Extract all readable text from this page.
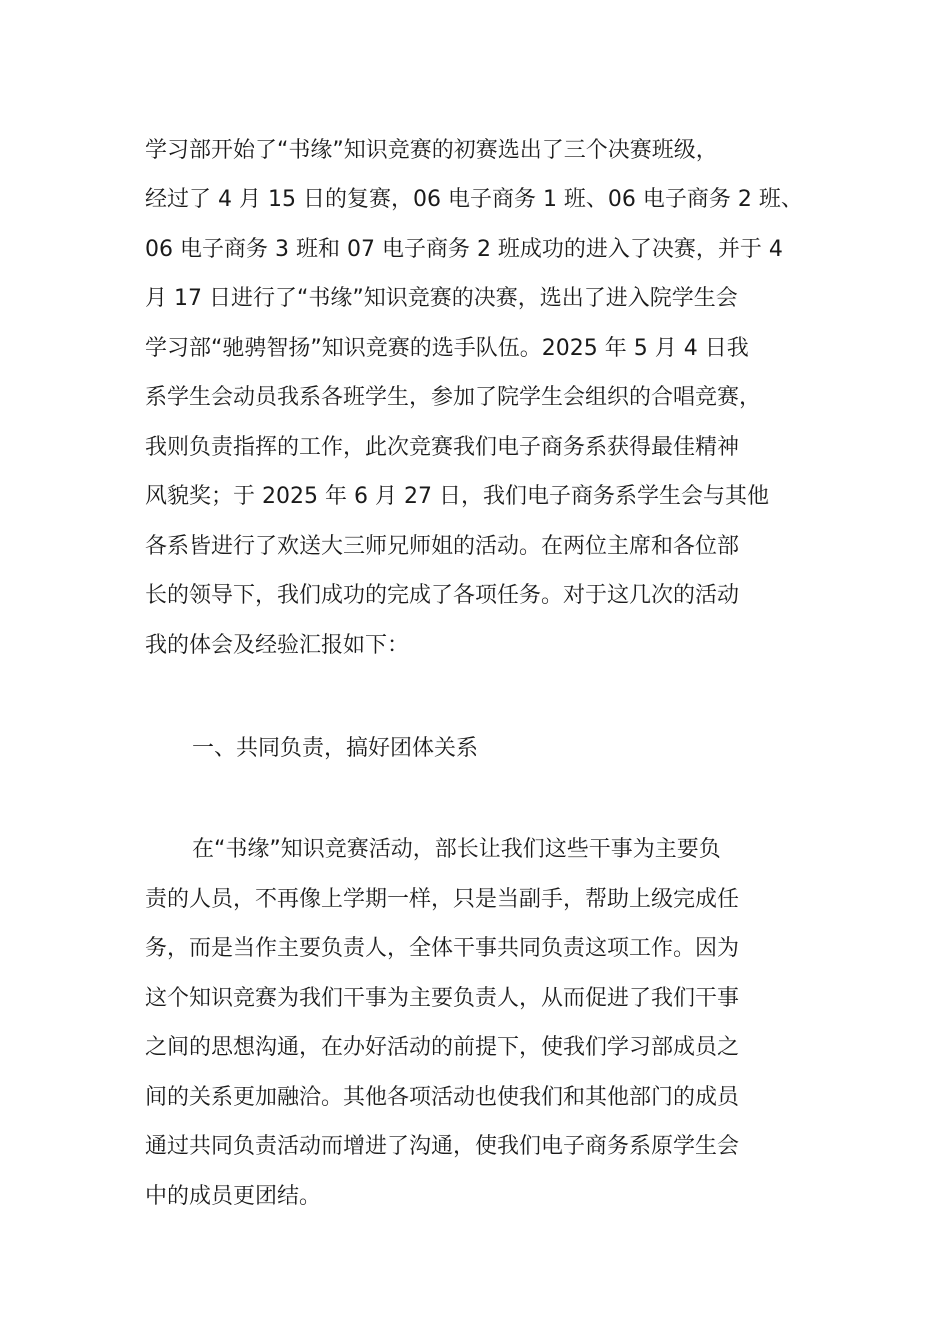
学习部开始了“书缘”知识竞赛的初赛选出了三个决赛班级，
经过了 4 月 15 日的复赛，06 电子商务 1 班、06 电子商务 2 班、
06 电子商务 3 班和 07 电子商务 2 班成功的进入了决赛，并于 4
月 17 日进行了“书缘”知识竞赛的决赛，选出了进入院学生会
学习部“驰骋智扬”知识竞赛的选手队伍。2025 年 5 月 4 日我
系学生会动员我系各班学生，参加了院学生会组织的合唱竞赛，
我则负责指挥的工作，此次竞赛我们电子商务系获得最佳精神
风貌奖；于 2025 年 6 月 27 日，我们电子商务系学生会与其他
各系皆进行了欢送大三师兄师姐的活动。在两位主席和各位部
长的领导下，我们成功的完成了各项任务。对于这几次的活动
我的体会及经验汇报如下：
一、共同负责，搞好团体关系
在“书缘”知识竞赛活动，部长让我们这些干事为主要负
责的人员，不再像上学期一样，只是当副手，帮助上级完成任
务，而是当作主要负责人，全体干事共同负责这项工作。因为
这个知识竞赛为我们干事为主要负责人，从而促进了我们干事
之间的思想沟通，在办好活动的前提下，使我们学习部成员之
间的关系更加融洽。其他各项活动也使我们和其他部门的成员
通过共同负责活动而增进了沟通，使我们电子商务系原学生会
中的成员更团结。
